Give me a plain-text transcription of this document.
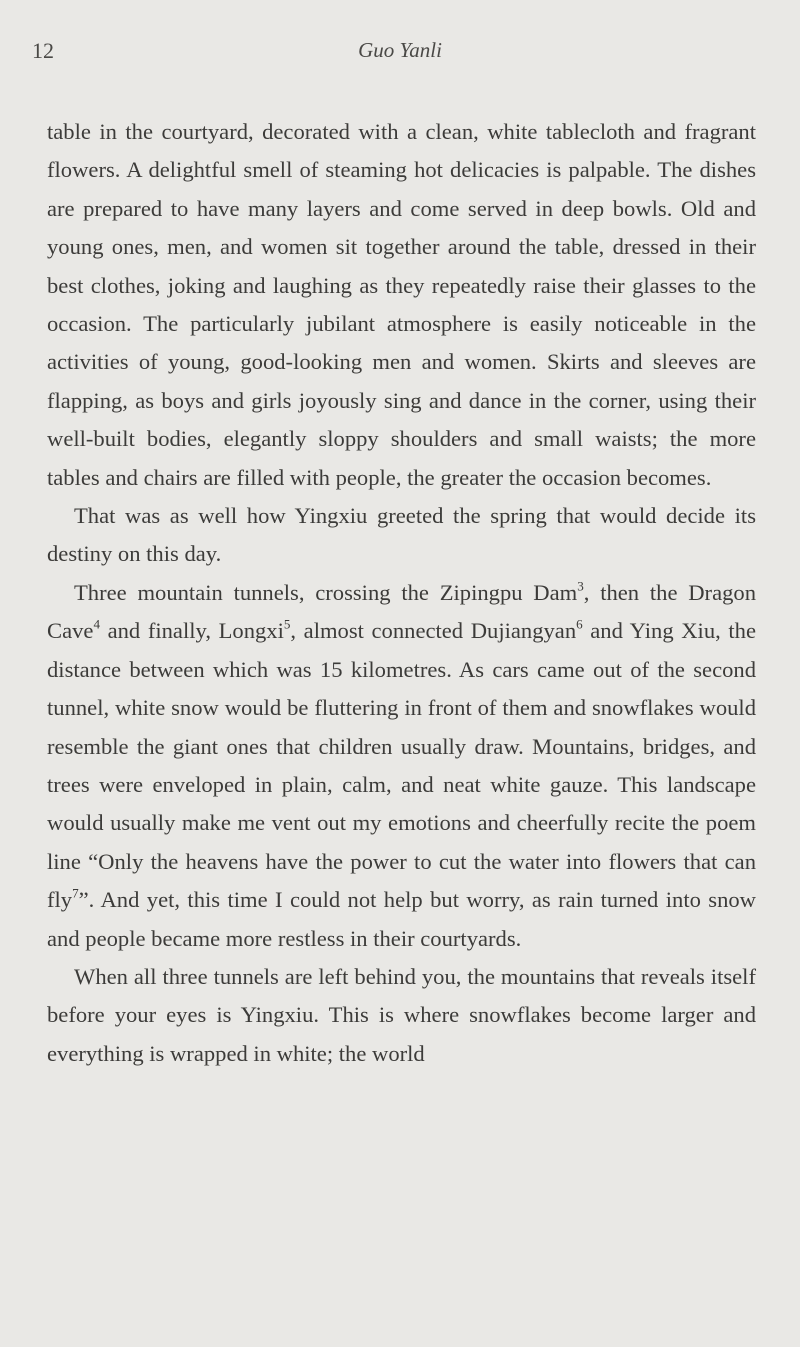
12	Guo Yanli

table in the courtyard, decorated with a clean, white tablecloth and fragrant flowers. A delightful smell of steaming hot delicacies is palpable. The dishes are prepared to have many layers and come served in deep bowls. Old and young ones, men, and women sit together around the table, dressed in their best clothes, joking and laughing as they repeatedly raise their glasses to the occasion. The particularly jubilant atmosphere is easily noticeable in the activities of young, good-looking men and women. Skirts and sleeves are flapping, as boys and girls joyously sing and dance in the corner, using their well-built bodies, elegantly sloppy shoulders and small waists; the more tables and chairs are filled with people, the greater the occasion becomes.

That was as well how Yingxiu greeted the spring that would decide its destiny on this day.

Three mountain tunnels, crossing the Zipingpu Dam$^3$, then the Dragon Cave$^4$ and finally, Longxi$^5$, almost connected Dujiangyan$^6$ and Ying Xiu, the distance between which was 15 kilometres. As cars came out of the second tunnel, white snow would be fluttering in front of them and snowflakes would resemble the giant ones that children usually draw. Mountains, bridges, and trees were enveloped in plain, calm, and neat white gauze. This landscape would usually make me vent out my emotions and cheerfully recite the poem line “Only the heavens have the power to cut the water into flowers that can fly$^7$”. And yet, this time I could not help but worry, as rain turned into snow and people became more restless in their courtyards.

When all three tunnels are left behind you, the mountains that reveals itself before your eyes is Yingxiu. This is where snowflakes become larger and everything is wrapped in white; the world
